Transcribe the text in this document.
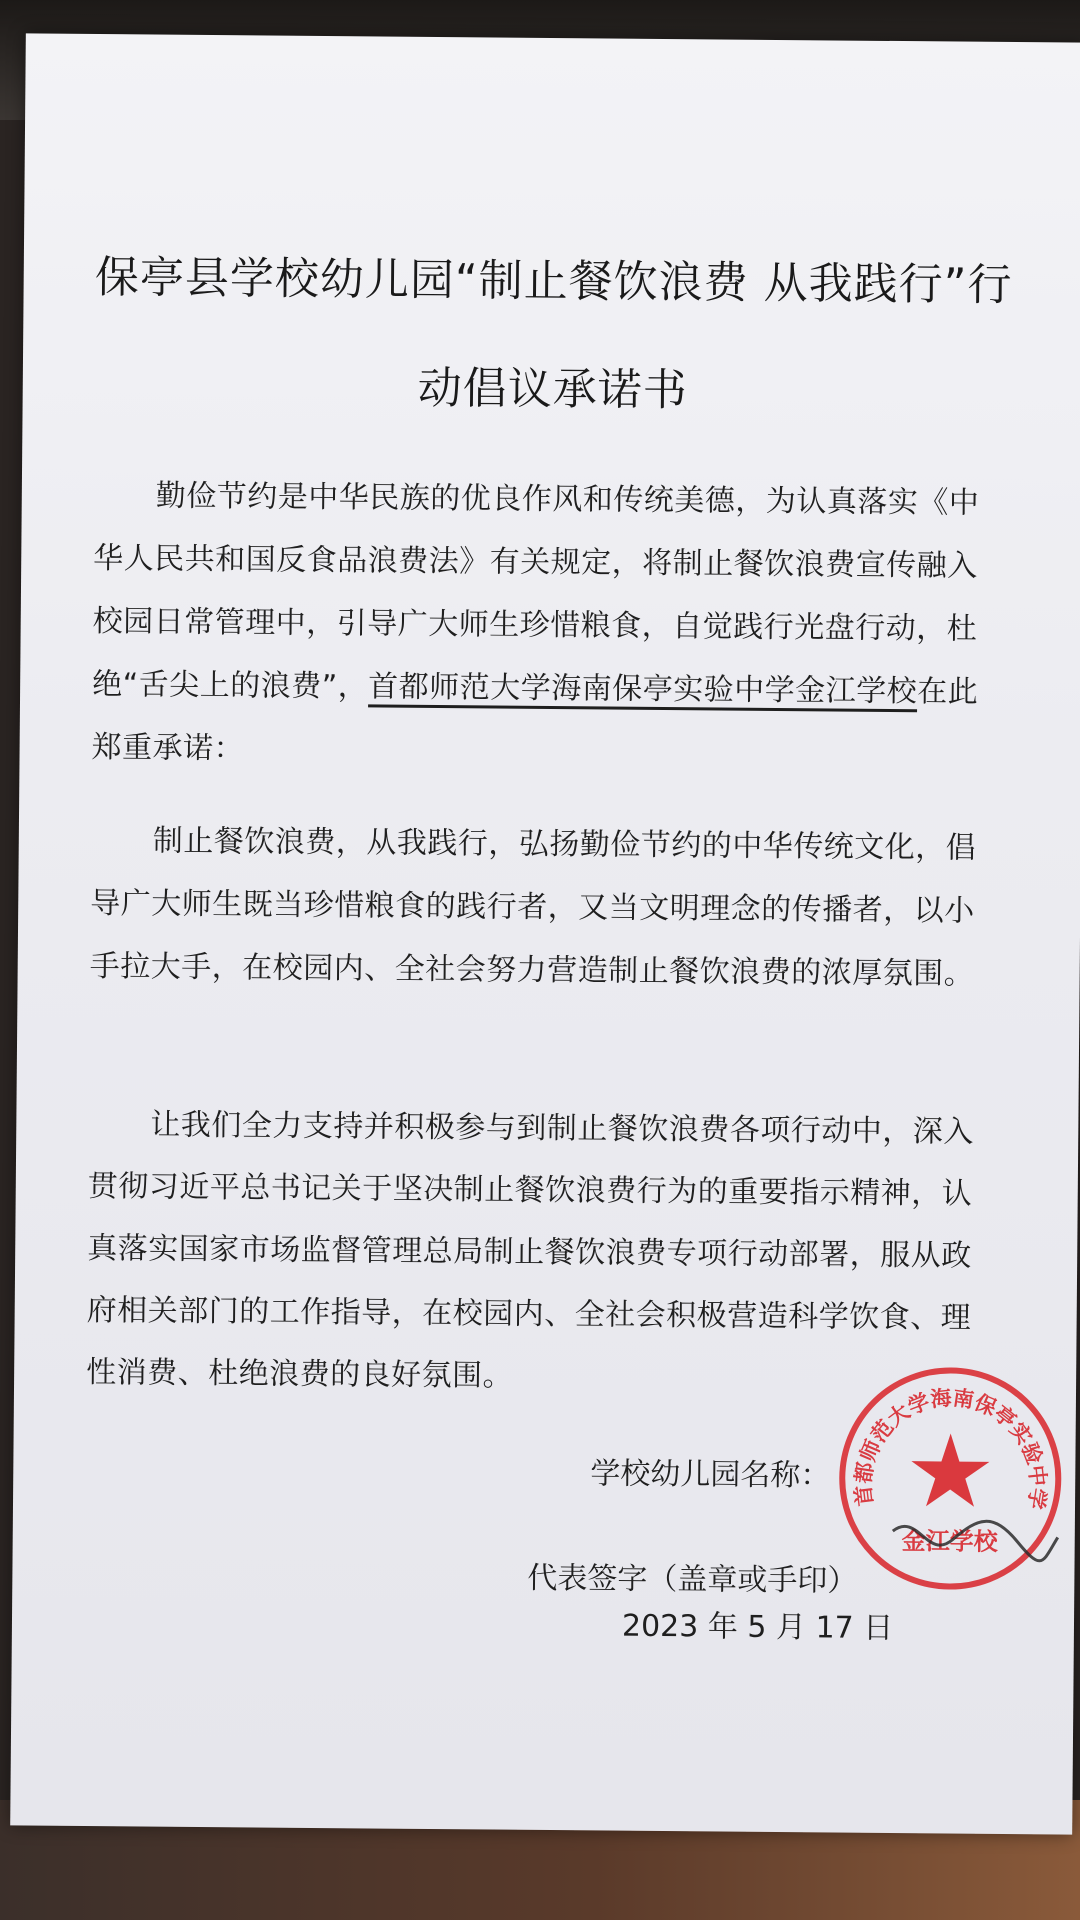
保亭县学校幼儿园“制止餐饮浪费 从我践行”行动倡议承诺书

勤俭节约是中华民族的优良作风和传统美德，为认真落实《中华人民共和国反食品浪费法》有关规定，将制止餐饮浪费宣传融入校园日常管理中，引导广大师生珍惜粮食，自觉践行光盘行动，杜绝“舌尖上的浪费”，首都师范大学海南保亭实验中学金江学校在此郑重承诺：

制止餐饮浪费，从我践行，弘扬勤俭节约的中华传统文化，倡导广大师生既当珍惜粮食的践行者，又当文明理念的传播者，以小手拉大手，在校园内、全社会努力营造制止餐饮浪费的浓厚氛围。

让我们全力支持并积极参与到制止餐饮浪费各项行动中，深入贯彻习近平总书记关于坚决制止餐饮浪费行为的重要指示精神，认真落实国家市场监督管理总局制止餐饮浪费专项行动部署，服从政府相关部门的工作指导，在校园内、全社会积极营造科学饮食、理性消费、杜绝浪费的良好氛围。

学校幼儿园名称：
代表签字（盖章或手印）
2023 年 5 月 17 日
首都师范大学海南保亭实验中学
金江学校
